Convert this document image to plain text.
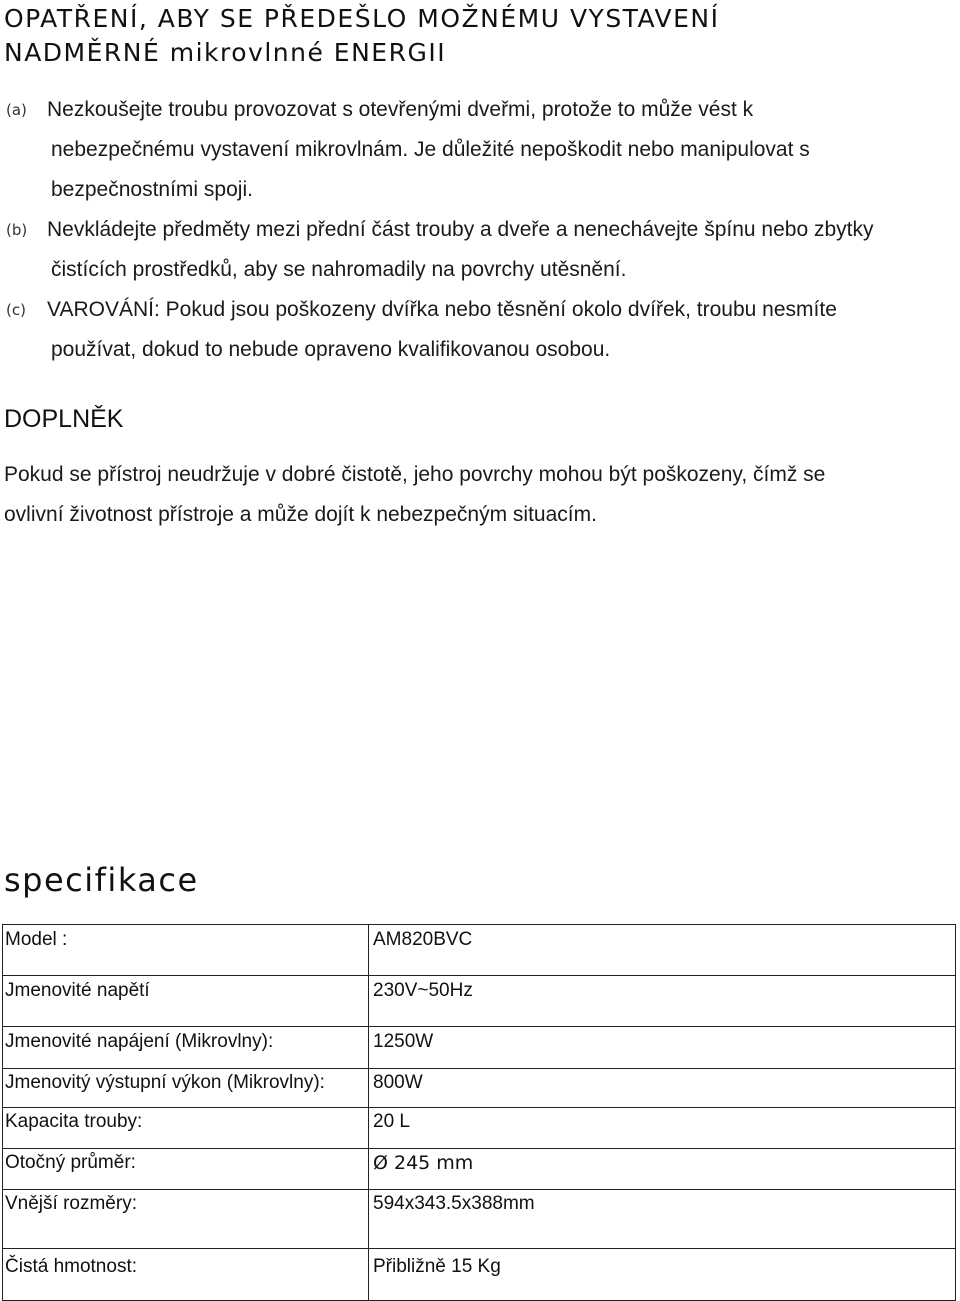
OPATŘENÍ, ABY SE PŘEDEŠLO MOŽNÉMU VYSTAVENÍ
NADMĚRNÉ mikrovlnné ENERGII
(a) Nezkoušejte troubu provozovat s otevřenými dveřmi, protože to může vést k
nebezpečnému vystavení mikrovlnám. Je důležité nepoškodit nebo manipulovat s
bezpečnostními spoji.
(b) Nevkládejte předměty mezi přední část trouby a dveře a nenechávejte špínu nebo zbytky
čistících prostředků, aby se nahromadily na povrchy utěsnění.
(c) VAROVÁNÍ: Pokud jsou poškozeny dvířka nebo těsnění okolo dvířek, troubu nesmíte
používat, dokud to nebude opraveno kvalifikovanou osobou.
DOPLNĚK

Pokud se přístroj neudržuje v dobré čistotě, jeho povrchy mohou být poškozeny, čímž se
ovlivní životnost přístroje a může dojít k nebezpečným situacím.

specifikace
Model :	AM820BVC
Jmenovité napětí	230V~50Hz
Jmenovité napájení (Mikrovlny):	1250W
Jmenovitý výstupní výkon (Mikrovlny):	800W
Kapacita trouby:	20 L
Otočný průměr:	Ø 245 mm
Vnější rozměry:	594x343.5x388mm
Čistá hmotnost:	Přibližně 15 Kg
